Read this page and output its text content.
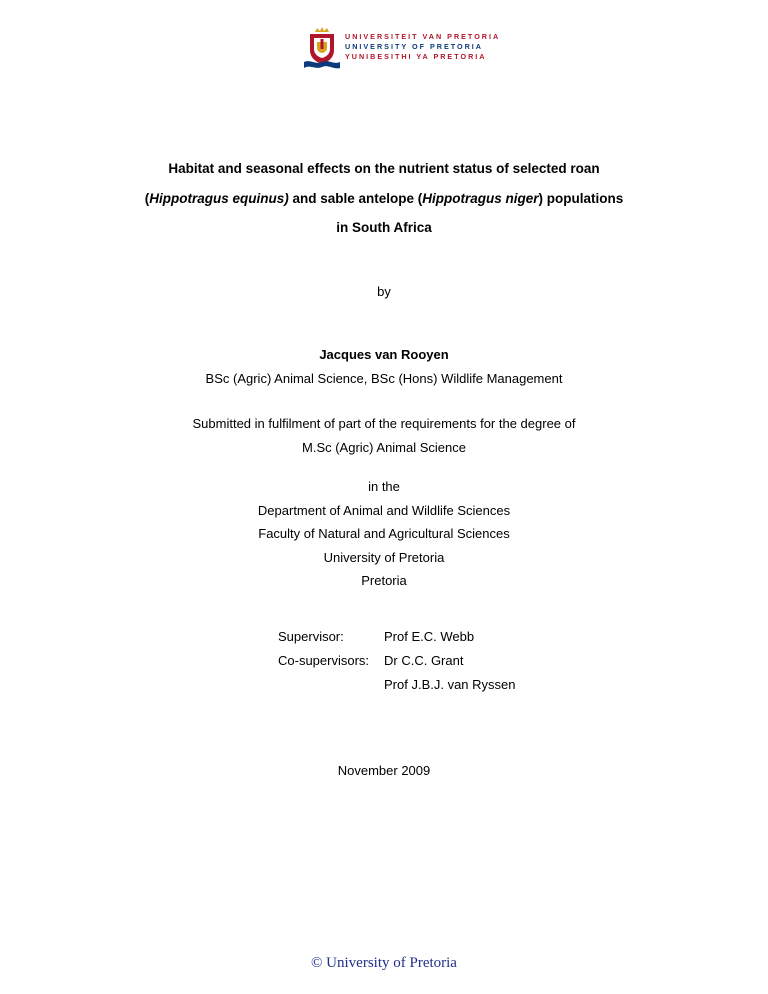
UNIVERSITEIT VAN PRETORIA
UNIVERSITY OF PRETORIA
YUNIBESITHI YA PRETORIA
Habitat and seasonal effects on the nutrient status of selected roan
(Hippotragus equinus) and sable antelope (Hippotragus niger) populations
in South Africa
by
Jacques van Rooyen
BSc (Agric) Animal Science, BSc (Hons) Wildlife Management
Submitted in fulfilment of part of the requirements for the degree of
M.Sc (Agric) Animal Science
in the
Department of Animal and Wildlife Sciences
Faculty of Natural and Agricultural Sciences
University of Pretoria
Pretoria
Supervisor:	Prof E.C. Webb
Co-supervisors: Dr C.C. Grant
Prof J.B.J. van Ryssen
November 2009
© University of Pretoria
